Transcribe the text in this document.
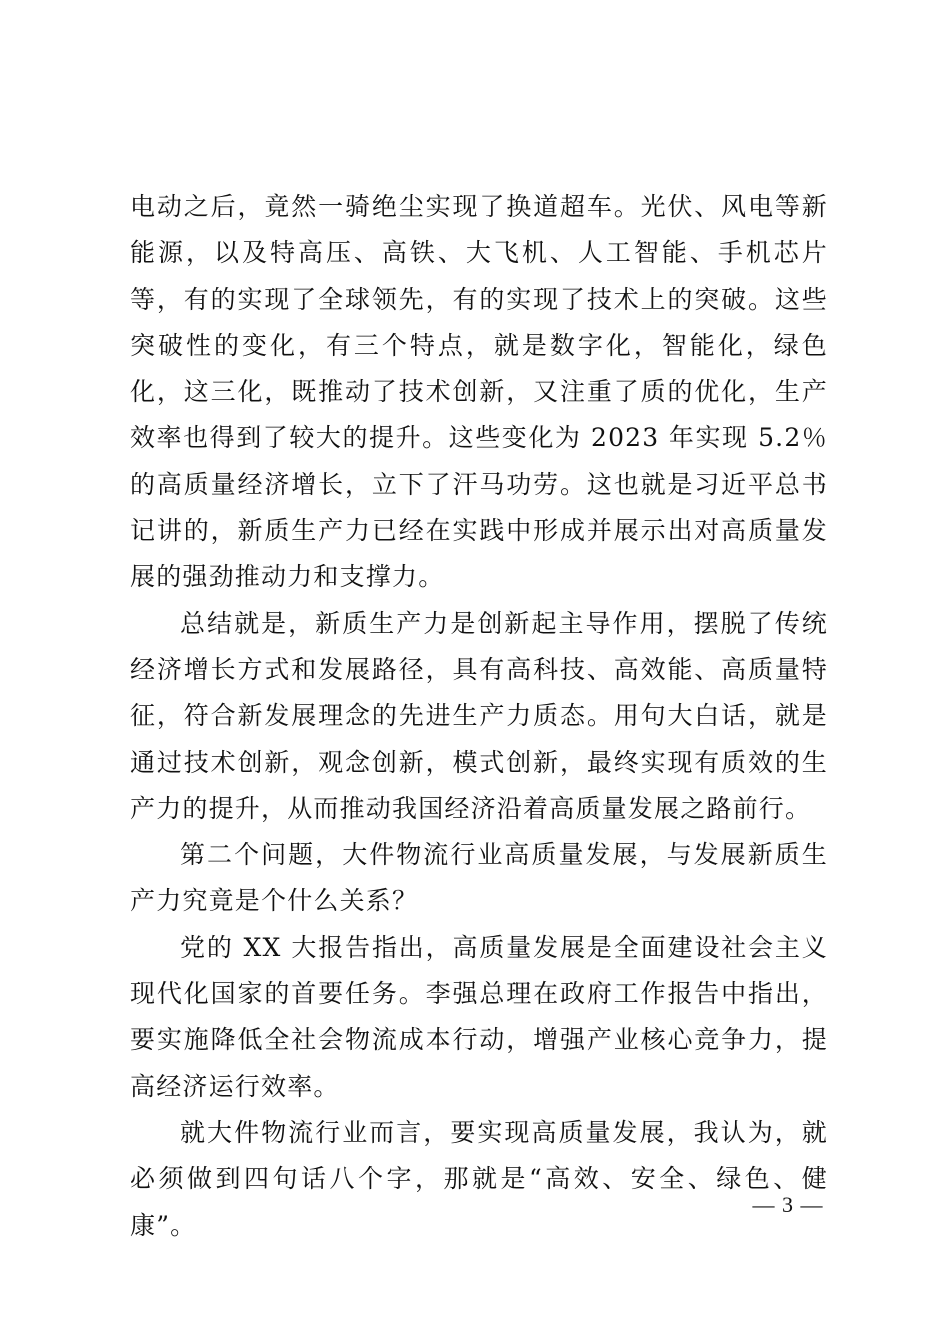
电动之后，竟然一骑绝尘实现了换道超车。光伏、风电等新能源，以及特高压、高铁、大飞机、人工智能、手机芯片等，有的实现了全球领先，有的实现了技术上的突破。这些突破性的变化，有三个特点，就是数字化，智能化，绿色化，这三化，既推动了技术创新，又注重了质的优化，生产效率也得到了较大的提升。这些变化为 2023 年实现 5.2％的高质量经济增长，立下了汗马功劳。这也就是习近平总书记讲的，新质生产力已经在实践中形成并展示出对高质量发展的强劲推动力和支撑力。

总结就是，新质生产力是创新起主导作用，摆脱了传统经济增长方式和发展路径，具有高科技、高效能、高质量特征，符合新发展理念的先进生产力质态。用句大白话，就是通过技术创新，观念创新，模式创新，最终实现有质效的生产力的提升，从而推动我国经济沿着高质量发展之路前行。

第二个问题，大件物流行业高质量发展，与发展新质生产力究竟是个什么关系？

党的 XX 大报告指出，高质量发展是全面建设社会主义现代化国家的首要任务。李强总理在政府工作报告中指出，要实施降低全社会物流成本行动，增强产业核心竞争力，提高经济运行效率。

就大件物流行业而言，要实现高质量发展，我认为，就必须做到四句话八个字，那就是“高效、安全、绿色、健康”。

— 3 —
